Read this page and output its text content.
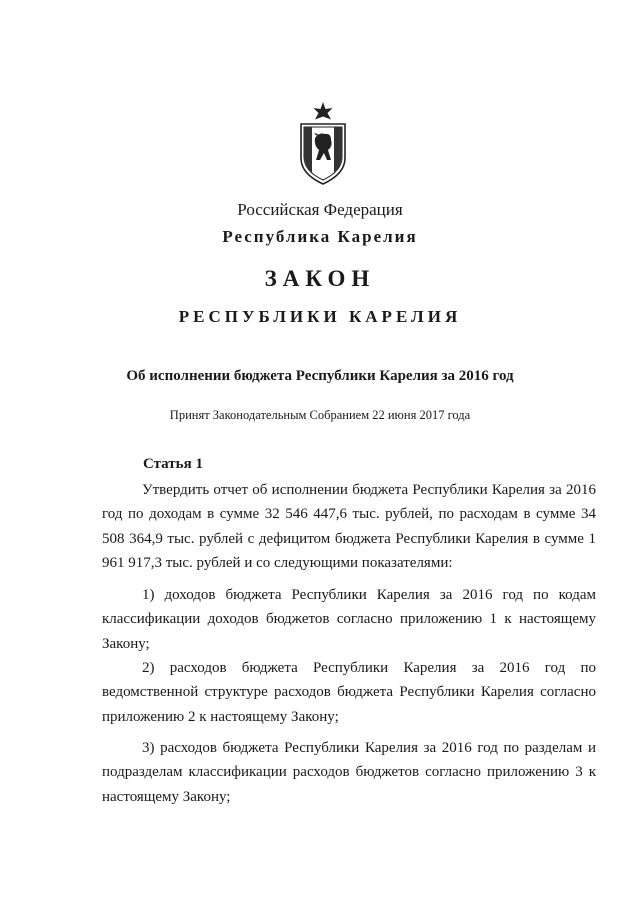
Российская Федерация

Республика Карелия

ЗАКОН

РЕСПУБЛИКИ КАРЕЛИЯ

Об исполнении бюджета Республики Карелия за 2016 год

Принят Законодательным Собранием 22 июня 2017 года

Статья 1

Утвердить отчет об исполнении бюджета Республики Карелия за 2016 год по доходам в сумме 32 546 447,6 тыс. рублей, по расходам в сумме 34 508 364,9 тыс. рублей с дефицитом бюджета Республики Карелия в сумме 1 961 917,3 тыс. рублей и со следующими показателями:

1) доходов бюджета Республики Карелия за 2016 год по кодам классификации доходов бюджетов согласно приложению 1 к настоящему Закону;

2) расходов бюджета Республики Карелия за 2016 год по ведомственной структуре расходов бюджета Республики Карелия согласно приложению 2 к настоящему Закону;

3) расходов бюджета Республики Карелия за 2016 год по разделам и подразделам классификации расходов бюджетов согласно приложению 3 к настоящему Закону;
